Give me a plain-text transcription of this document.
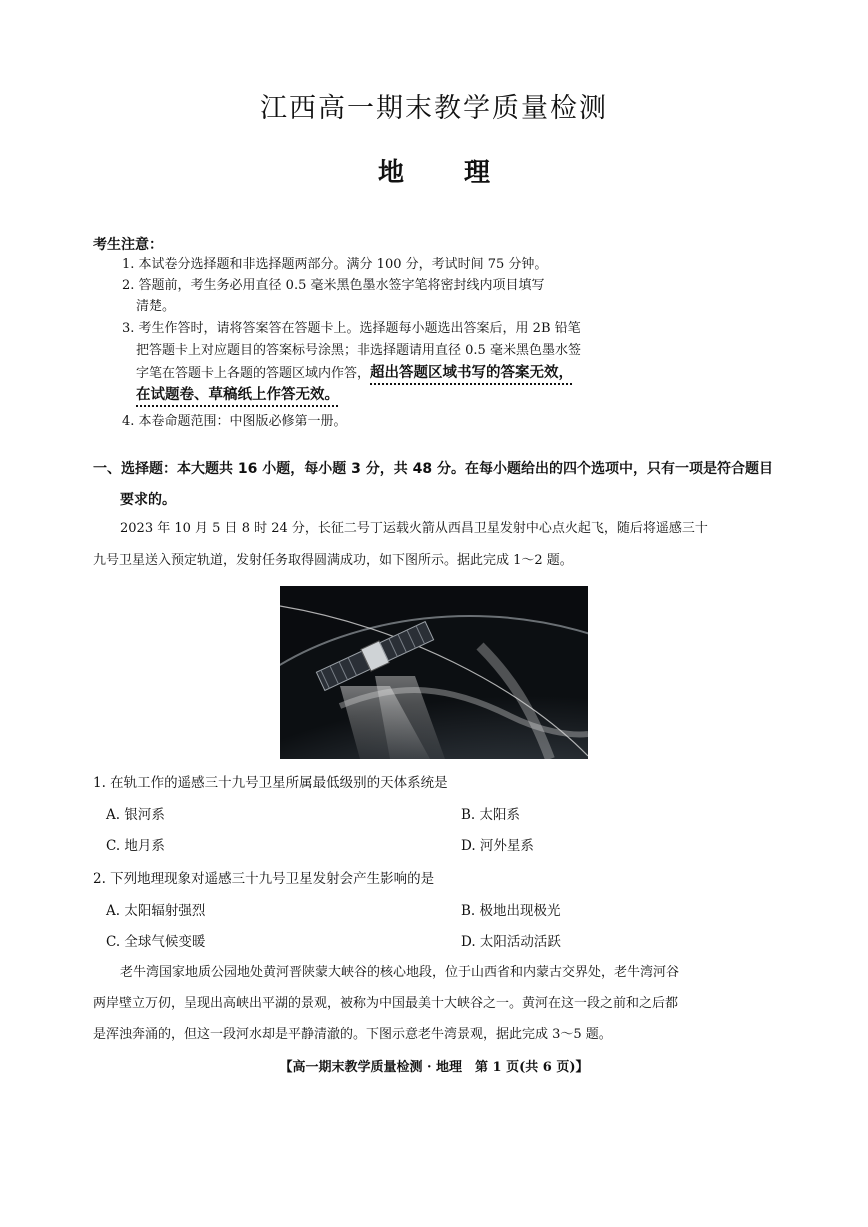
江西高一期末教学质量检测
地理
考生注意：
1. 本试卷分选择题和非选择题两部分。满分 100 分，考试时间 75 分钟。
2. 答题前，考生务必用直径 0.5 毫米黑色墨水签字笔将密封线内项目填写
清楚。
3. 考生作答时，请将答案答在答题卡上。选择题每小题选出答案后，用 2B 铅笔
把答题卡上对应题目的答案标号涂黑；非选择题请用直径 0.5 毫米黑色墨水签
字笔在答题卡上各题的答题区域内作答，超出答题区域书写的答案无效，
在试题卷、草稿纸上作答无效。
4. 本卷命题范围：中图版必修第一册。
一、选择题：本大题共 16 小题，每小题 3 分，共 48 分。在每小题给出的四个选项中，只有一项是符合题目
要求的。
2023 年 10 月 5 日 8 时 24 分，长征二号丁运载火箭从西昌卫星发射中心点火起飞，随后将遥感三十
九号卫星送入预定轨道，发射任务取得圆满成功，如下图所示。据此完成 1～2 题。
1. 在轨工作的遥感三十九号卫星所属最低级别的天体系统是
A. 银河系	B. 太阳系
C. 地月系	D. 河外星系
2. 下列地理现象对遥感三十九号卫星发射会产生影响的是
A. 太阳辐射强烈	B. 极地出现极光
C. 全球气候变暖	D. 太阳活动活跃
老牛湾国家地质公园地处黄河晋陕蒙大峡谷的核心地段，位于山西省和内蒙古交界处，老牛湾河谷
两岸壁立万仞，呈现出高峡出平湖的景观，被称为中国最美十大峡谷之一。黄河在这一段之前和之后都
是浑浊奔涌的，但这一段河水却是平静清澈的。下图示意老牛湾景观，据此完成 3～5 题。
【高一期末教学质量检测 · 地理　第 1 页(共 6 页)】
